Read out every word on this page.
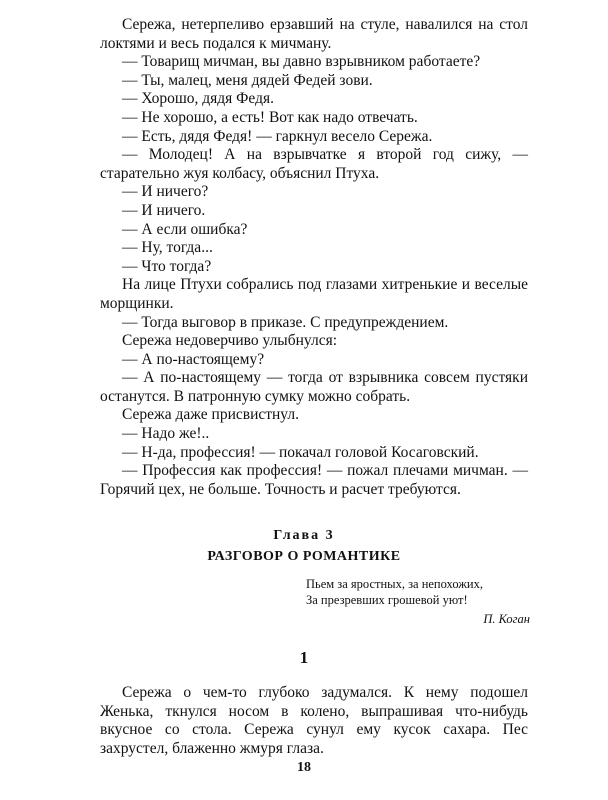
Сережа, нетерпеливо ерзавший на стуле, навалился на стол локтями и весь подался к мичману.

— Товарищ мичман, вы давно взрывником работаете?

— Ты, малец, меня дядей Федей зови.

— Хорошо, дядя Федя.

— Не хорошо, а есть! Вот как надо отвечать.

— Есть, дядя Федя! — гаркнул весело Сережа.

— Молодец! А на взрывчатке я второй год сижу, — старательно жуя колбасу, объяснил Птуха.

— И ничего?

— И ничего.

— А если ошибка?

— Ну, тогда...

— Что тогда?

На лице Птухи собрались под глазами хитренькие и веселые морщинки.

— Тогда выговор в приказе. С предупреждением.

Сережа недоверчиво улыбнулся:

— А по-настоящему?

— А по-настоящему — тогда от взрывника совсем пустяки останутся. В патронную сумку можно собрать.

Сережа даже присвистнул.

— Надо же!..

— Н-да, профессия! — покачал головой Косаговский.

— Профессия как профессия! — пожал плечами мичман. — Горячий цех, не больше. Точность и расчет требуются.

Глава 3
РАЗГОВОР О РОМАНТИКЕ
Пьем за яростных, за непохожих,
За презревших грошевой уют!
П. Коган
1

Сережа о чем-то глубоко задумался. К нему подошел Женька, ткнулся носом в колено, выпрашивая что-нибудь вкусное со стола. Сережа сунул ему кусок сахара. Пес захрустел, блаженно жмуря глаза.

18
